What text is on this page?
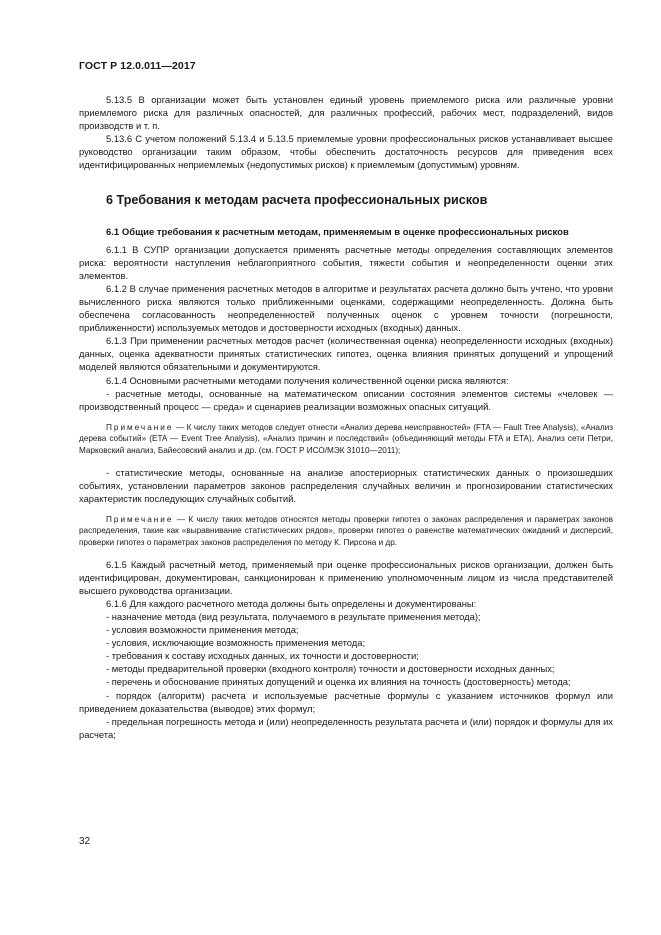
ГОСТ Р 12.0.011—2017

5.13.5 В организации может быть установлен единый уровень приемлемого риска или различные уровни приемлемого риска для различных опасностей, для различных профессий, рабочих мест, подразделений, видов производств и т. п.

5.13.6 С учетом положений 5.13.4 и 5.13.5 приемлемые уровни профессиональных рисков устанавливает высшее руководство организации таким образом, чтобы обеспечить достаточность ресурсов для приведения всех идентифицированных неприемлемых (недопустимых рисков) к приемлемым (допустимым) уровням.

6 Требования к методам расчета профессиональных рисков
6.1 Общие требования к расчетным методам, применяемым в оценке профессиональных рисков

6.1.1 В СУПР организации допускается применять расчетные методы определения составляющих элементов риска: вероятности наступления неблагоприятного события, тяжести события и неопределенности оценки этих элементов.

6.1.2 В случае применения расчетных методов в алгоритме и результатах расчета должно быть учтено, что уровни вычисленного риска являются только приближенными оценками, содержащими неопределенность. Должна быть обеспечена согласованность неопределенностей полученных оценок с уровнем точности (погрешности, приближенности) используемых методов и достоверности исходных (входных) данных.

6.1.3 При применении расчетных методов расчет (количественная оценка) неопределенности исходных (входных) данных, оценка адекватности принятых статистических гипотез, оценка влияния принятых допущений и упрощений моделей являются обязательными и документируются.

6.1.4 Основными расчетными методами получения количественной оценки риска являются:

- расчетные методы, основанные на математическом описании состояния элементов системы «человек — производственный процесс — среда» и сценариев реализации возможных опасных ситуаций.

Примечание — К числу таких методов следует отнести «Анализ дерева неисправностей» (FTA — Fault Tree Analysis), «Анализ дерева событий» (ETA — Event Tree Analysis), «Анализ причин и последствий» (объединяющий методы FTA и ETA), Анализ сети Петри, Марковский анализ, Байесовский анализ и др. (см. ГОСТ Р ИСО/МЭК 31010—2011);

- статистические методы, основанные на анализе апостериорных статистических данных о произошедших событиях, установлении параметров законов распределения случайных величин и прогнозировании статистических характеристик последующих случайных событий.

Примечание — К числу таких методов относятся методы проверки гипотез о законах распределения и параметрах законов распределения, такие как «выравнивание статистических рядов», проверки гипотез о равенстве математических ожиданий и дисперсий, проверки гипотез о параметрах законов распределения по методу К. Пирсона и др.

6.1.5 Каждый расчетный метод, применяемый при оценке профессиональных рисков организации, должен быть идентифицирован, документирован, санкционирован к применению уполномоченным лицом из числа представителей высшего руководства организации.

6.1.6 Для каждого расчетного метода должны быть определены и документированы:

- назначение метода (вид результата, получаемого в результате применения метода);

- условия возможности применения метода;

- условия, исключающие возможность применения метода;

- требования к составу исходных данных, их точности и достоверности;

- методы предварительной проверки (входного контроля) точности и достоверности исходных данных;

- перечень и обоснование принятых допущений и оценка их влияния на точность (достоверность) метода;

- порядок (алгоритм) расчета и используемые расчетные формулы с указанием источников формул или приведением доказательства (выводов) этих формул;

- предельная погрешность метода и (или) неопределенность результата расчета и (или) порядок и формулы для их расчета;

32
